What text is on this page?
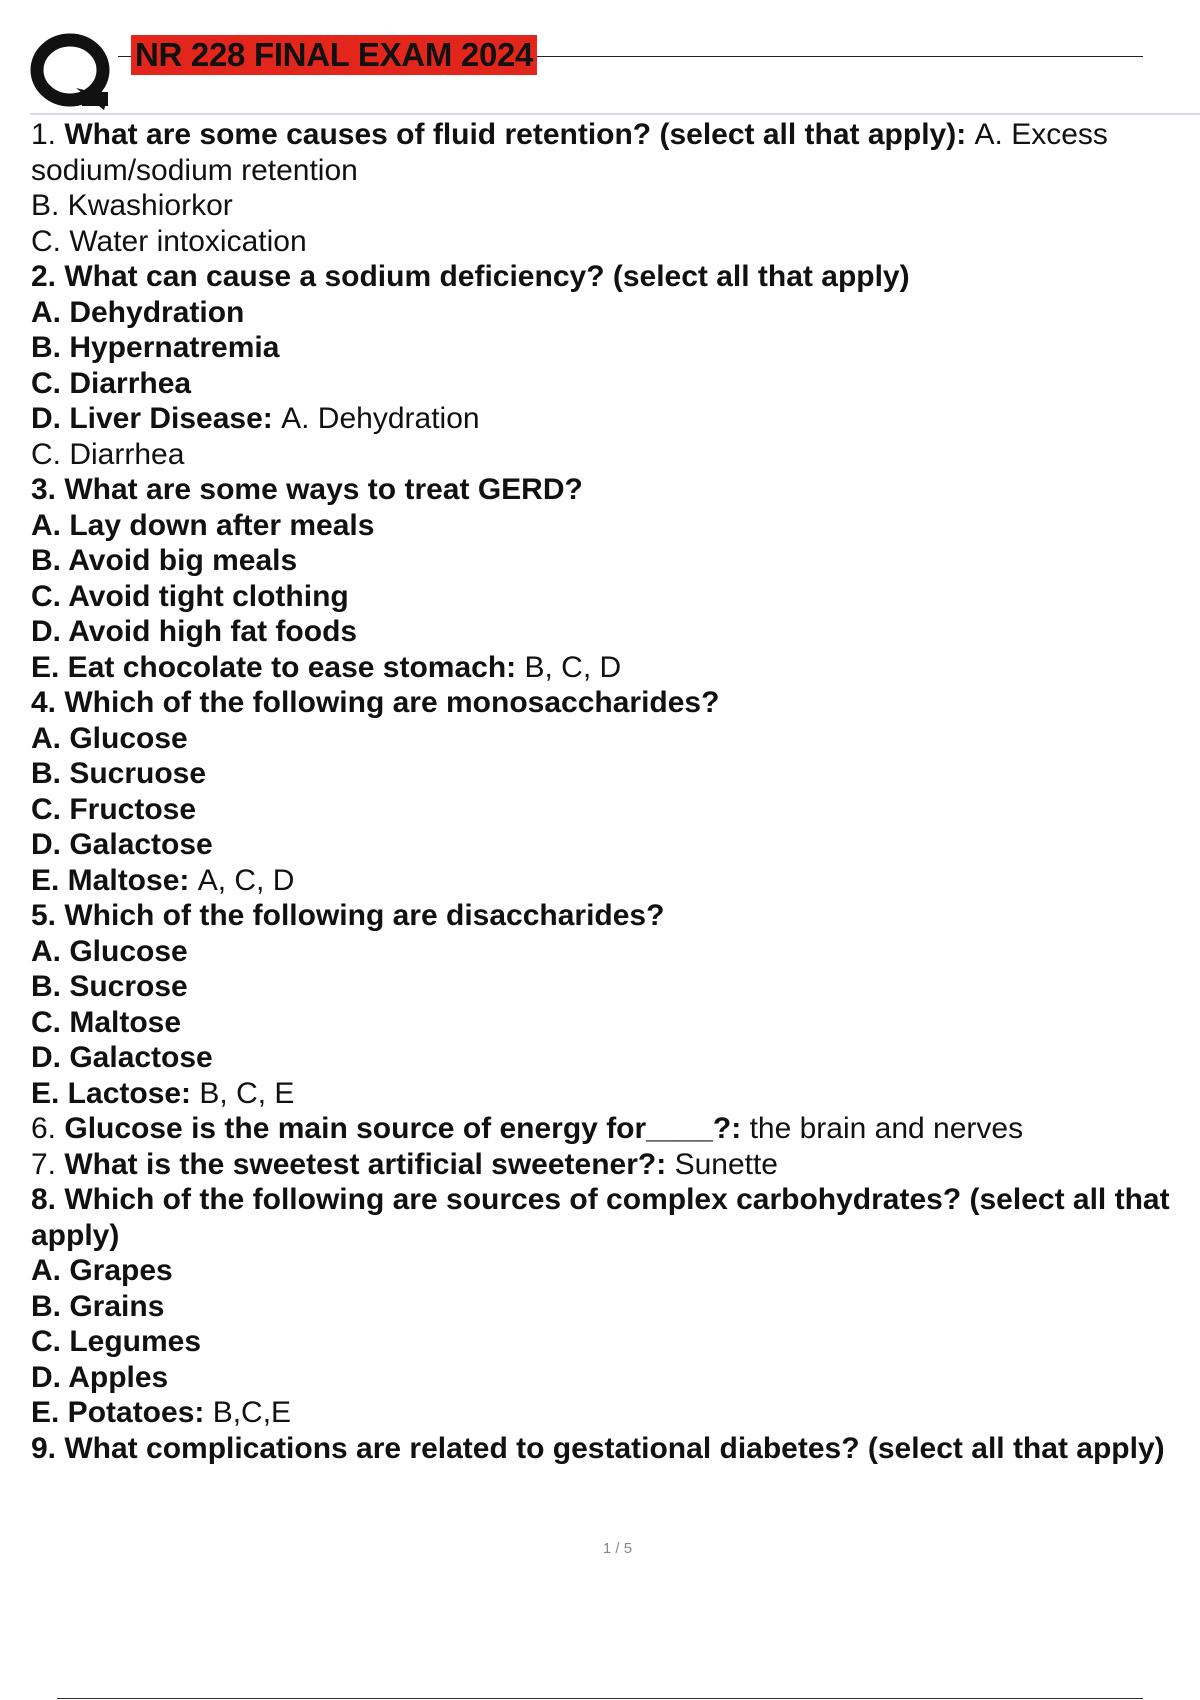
NR 228 FINAL EXAM 2024
1. What are some causes of fluid retention? (select all that apply): A. Excess sodium/sodium retention
B. Kwashiorkor
C. Water intoxication
2. What can cause a sodium deficiency? (select all that apply)
A. Dehydration
B. Hypernatremia
C. Diarrhea
D. Liver Disease: A. Dehydration
C. Diarrhea
3. What are some ways to treat GERD?
A. Lay down after meals
B. Avoid big meals
C. Avoid tight clothing
D. Avoid high fat foods
E. Eat chocolate to ease stomach: B, C, D
4. Which of the following are monosaccharides?
A. Glucose
B. Sucruose
C. Fructose
D. Galactose
E. Maltose: A, C, D
5. Which of the following are disaccharides?
A. Glucose
B. Sucrose
C. Maltose
D. Galactose
E. Lactose: B, C, E
6. Glucose is the main source of energy for____?: the brain and nerves
7. What is the sweetest artificial sweetener?: Sunette
8. Which of the following are sources of complex carbohydrates? (select all that apply)
A. Grapes
B. Grains
C. Legumes
D. Apples
E. Potatoes: B,C,E
9. What complications are related to gestational diabetes? (select all that apply)
1 / 5
